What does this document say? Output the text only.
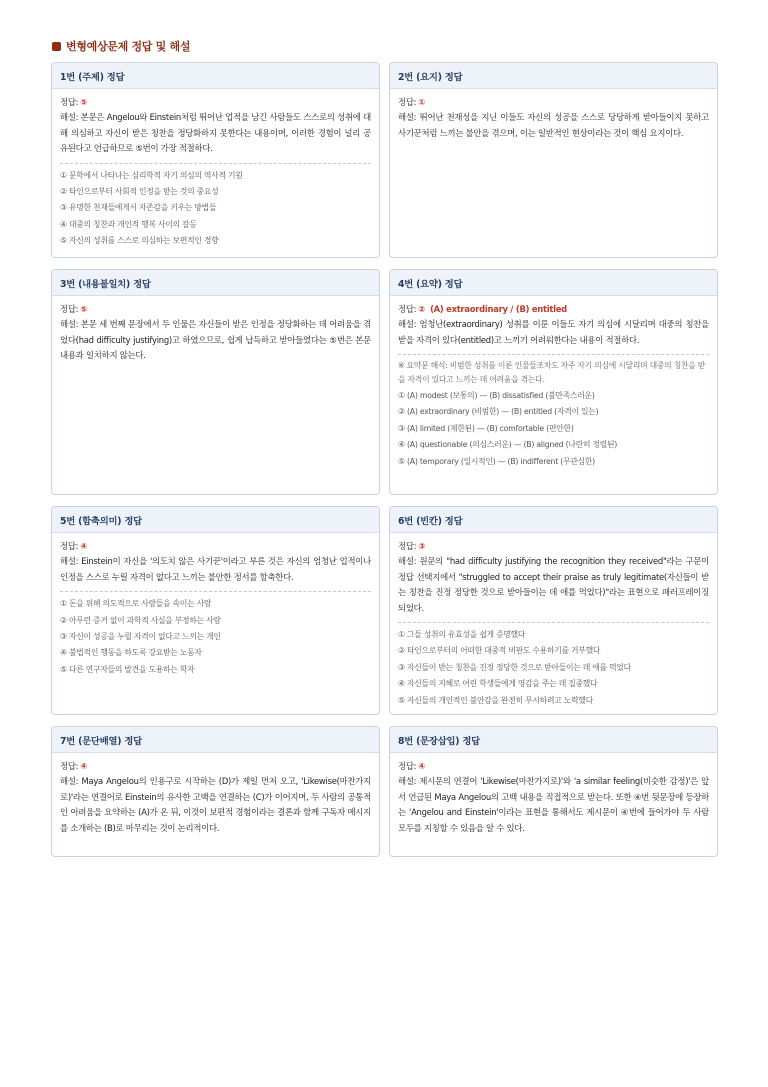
변형예상문제 정답 및 해설
1번 (주제) 정답
정답: ⑤
해설: 본문은 Angelou와 Einstein처럼 뛰어난 업적을 남긴 사람들도 스스로의 성취에 대해 의심하고 자신이 받은 칭찬을 정당화하지 못한다는 내용이며, 이러한 경험이 널리 공유된다고 언급하므로 ⑤번이 가장 적절하다.
① 문학에서 나타나는 심리학적 자기 의심의 역사적 기원
② 타인으로부터 사회적 인정을 받는 것의 중요성
③ 유명한 천재들에게서 자존감을 키우는 방법들
④ 대중의 칭찬과 개인적 행복 사이의 갈등
⑤ 자신의 성취를 스스로 의심하는 보편적인 경향
2번 (요지) 정답
정답: ①
해설: 뛰어난 천재성을 지닌 이들도 자신의 성공을 스스로 당당하게 받아들이지 못하고 사기꾼처럼 느끼는 불안을 겪으며, 이는 일반적인 현상이라는 것이 핵심 요지이다.
3번 (내용불일치) 정답
정답: ⑤
해설: 본문 세 번째 문장에서 두 인물은 자신들이 받은 인정을 정당화하는 데 어려움을 겪었다(had difficulty justifying)고 하였으므로, 쉽게 납득하고 받아들였다는 ⑤번은 본문 내용과 일치하지 않는다.
4번 (요약) 정답
정답: ② (A) extraordinary / (B) entitled
해설: 엄청난(extraordinary) 성취를 이룬 이들도 자기 의심에 시달리며 대중의 칭찬을 받을 자격이 있다(entitled)고 느끼기 어려워한다는 내용이 적절하다.
※ 요약문 해석: 비범한 성취를 이룬 인물들조차도 자주 자기 의심에 시달리며 대중의 칭찬을 받을 자격이 있다고 느끼는 데 어려움을 겪는다.
① (A) modest (보통의) — (B) dissatisfied (불만족스러운)
② (A) extraordinary (비범한) — (B) entitled (자격이 있는)
③ (A) limited (제한된) — (B) comfortable (편안한)
④ (A) questionable (의심스러운) — (B) aligned (나란히 정렬된)
⑤ (A) temporary (일시적인) — (B) indifferent (무관심한)
5번 (함축의미) 정답
정답: ④
해설: Einstein이 자신을 '의도치 않은 사기꾼'이라고 부른 것은 자신의 엄청난 업적이나 인정을 스스로 누릴 자격이 없다고 느끼는 불안한 정서를 함축한다.
① 돈을 위해 의도적으로 사람들을 속이는 사람
② 아무런 증거 없이 과학적 사실을 부정하는 사람
③ 자신이 성공을 누릴 자격이 없다고 느끼는 개인
④ 불법적인 행동을 하도록 강요받는 노동자
⑤ 다른 연구자들의 발견을 도용하는 학자
6번 (빈칸) 정답
정답: ③
해설: 원문의 "had difficulty justifying the recognition they received"라는 구문이 정답 선택지에서 "struggled to accept their praise as truly legitimate(자신들이 받는 칭찬을 진정 정당한 것으로 받아들이는 데 애를 먹었다)"라는 표현으로 패러프레이징되었다.
① 그들 성취의 유효성을 쉽게 증명했다
② 타인으로부터의 어떠한 대중적 비판도 수용하기를 거부했다
③ 자신들이 받는 칭찬을 진정 정당한 것으로 받아들이는 데 애를 먹었다
④ 자신들의 지혜로 어린 학생들에게 영감을 주는 데 집중했다
⑤ 자신들의 개인적인 불안감을 완전히 무시하려고 노력했다
7번 (문단배열) 정답
정답: ④
해설: Maya Angelou의 인용구로 시작하는 (D)가 제일 먼저 오고, 'Likewise(마찬가지로)'라는 연결어로 Einstein의 유사한 고백을 연결하는 (C)가 이어지며, 두 사람의 공통적인 어려움을 요약하는 (A)가 온 뒤, 이것이 보편적 경험이라는 결론과 함께 구독자 메시지를 소개하는 (B)로 마무리는 것이 논리적이다.
8번 (문장삽입) 정답
정답: ④
해설: 제시문의 연결어 'Likewise(마찬가지로)'와 'a similar feeling(비슷한 감정)'은 앞서 언급된 Maya Angelou의 고백 내용을 직접적으로 받는다. 또한 ④번 뒷문장에 등장하는 'Angelou and Einstein'이라는 표현을 통해서도 제시문이 ④번에 들어가야 두 사람 모두를 지칭할 수 있음을 알 수 있다.
